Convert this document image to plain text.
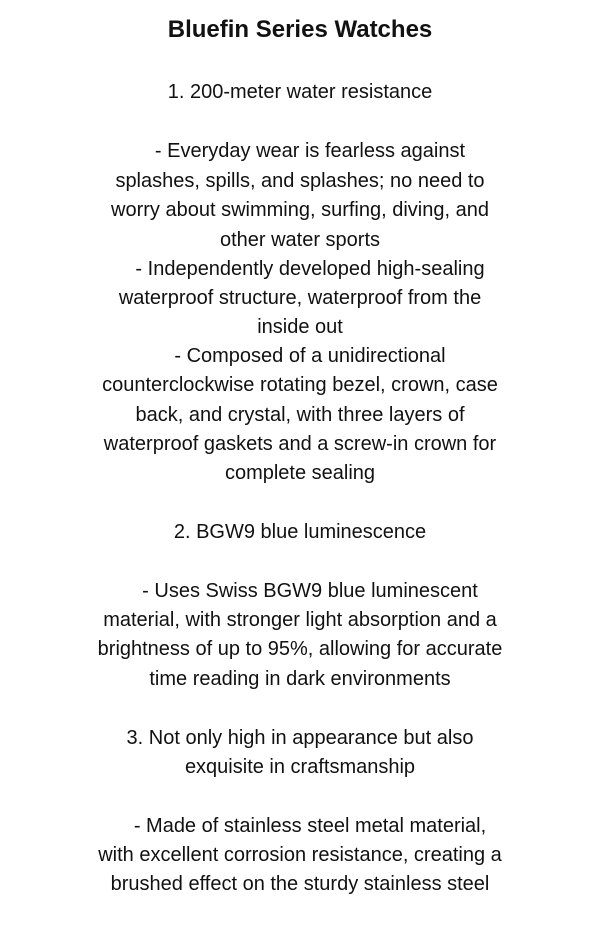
Bluefin Series Watches

1. 200-meter water resistance

- Everyday wear is fearless against

splashes, spills, and splashes; no need to

worry about swimming, surfing, diving, and

other water sports

- Independently developed high-sealing

waterproof structure, waterproof from the

inside out

- Composed of a unidirectional

counterclockwise rotating bezel, crown, case

back, and crystal, with three layers of

waterproof gaskets and a screw-in crown for

complete sealing

2. BGW9 blue luminescence

- Uses Swiss BGW9 blue luminescent

material, with stronger light absorption and a

brightness of up to 95%, allowing for accurate

time reading in dark environments

3. Not only high in appearance but also

exquisite in craftsmanship

- Made of stainless steel metal material,

with excellent corrosion resistance, creating a

brushed effect on the sturdy stainless steel
